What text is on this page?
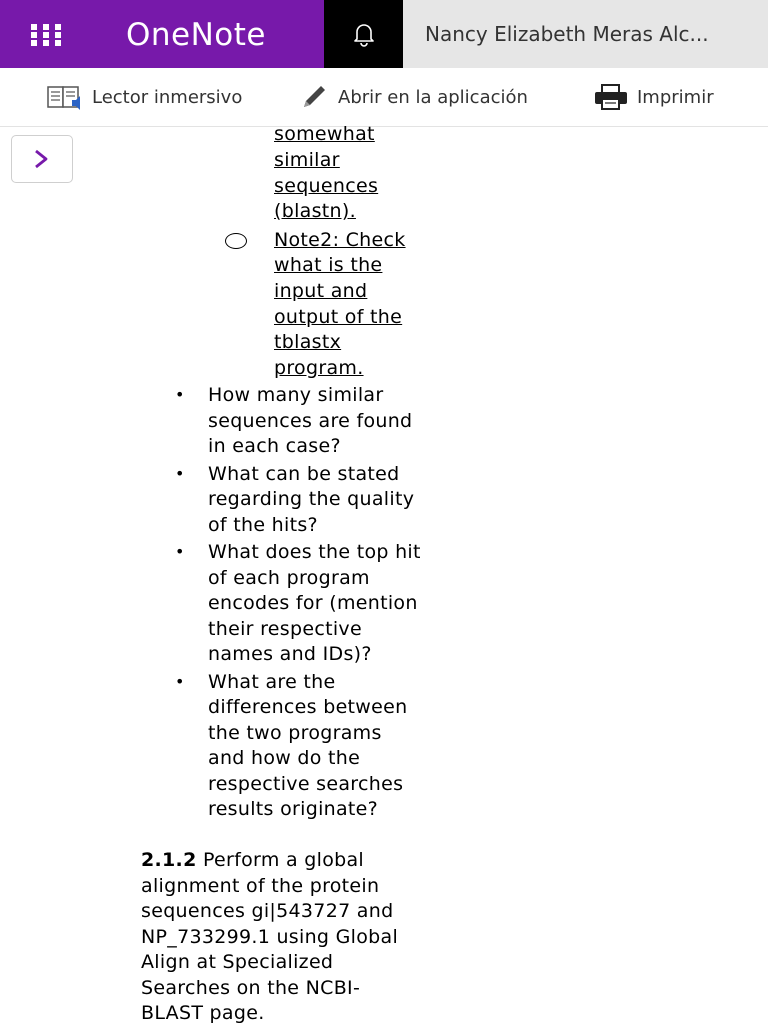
OneNote	Nancy Elizabeth Meras Alc...
Lector inmersivo	Abrir en la aplicación	Imprimir
somewhat
similar
sequences
(blastn).
Note2: Check
what is the
input and
output of the
tblastx
program.
• How many similar
sequences are found
in each case?
• What can be stated
regarding the quality
of the hits?
• What does the top hit
of each program
encodes for (mention
their respective
names and IDs)?
• What are the
differences between
the two programs
and how do the
respective searches
results originate?
2.1.2 Perform a global
alignment of the protein
sequences gi|543727 and
NP_733299.1 using Global
Align at Specialized
Searches on the NCBI-
BLAST page.
